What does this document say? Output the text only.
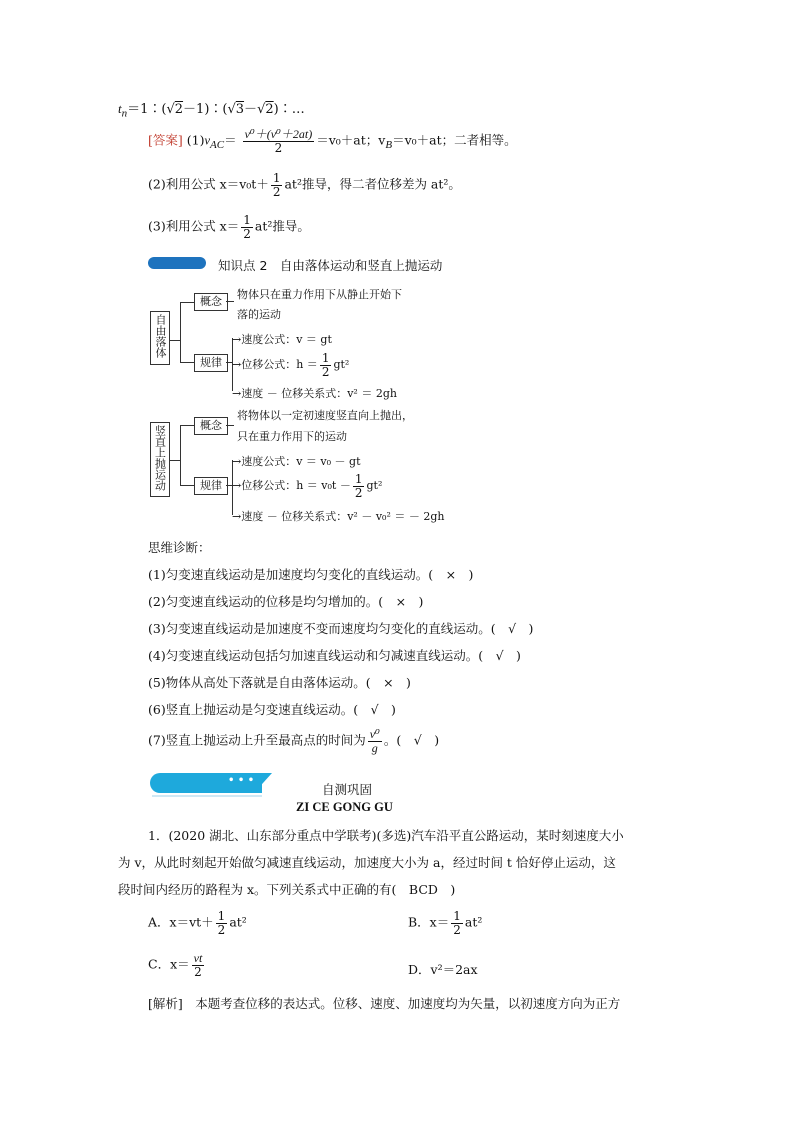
$t_n=1∶(√2-1)∶(√3-√2)∶\dots$
[答案] $(1)v_{AC}= \frac{\text{v⁰＋(v⁰＋2at)}}{2} =v_0+at$；$v_B=v_0+at$；二者相等。
(2)利用公式 $x=v_0t+ \frac{1}{2} at^2$推导，得二者位移差为 at²。
(3)利用公式 $x= \frac{1}{2} at^2$推导。
知识点 2　自由落体运动和竖直上抛运动
自由落体
概念
物体只在重力作用下从静止开始下
落的运动
规律
→速度公式：v ＝ gt
→位移公式：$h = \frac{1}{2} gt^2$
→速度 － 位移关系式：v² ＝ 2gh
竖直上抛运动	概念
将物体以一定初速度竖直向上抛出，
只在重力作用下的运动
规律
→速度公式：v ＝ v₀ － gt
→位移公式：$h = v_0t - \frac{1}{2} gt^2$
→速度 － 位移关系式：v² － v₀² ＝ － 2gh
思维诊断：
(1)匀变速直线运动是加速度均匀变化的直线运动。(　×　)
(2)匀变速直线运动的位移是均匀增加的。(　×　)
(3)匀变速直线运动是加速度不变而速度均匀变化的直线运动。(　√　)
(4)匀变速直线运动包括匀加速直线运动和匀减速直线运动。(　√　)
(5)物体从高处下落就是自由落体运动。(　×　)
(6)竖直上抛运动是匀变速直线运动。(　√　)
(7)竖直上抛运动上升至最高点的时间为 $\frac{\text{v⁰}}{g}$ 。(　√　)
• • •
自测巩固
ZI CE GONG GU
1．(2020 湖北、山东部分重点中学联考)(多选)汽车沿平直公路运动，某时刻速度大小
为 v，从此时刻起开始做匀减速直线运动，加速度大小为 a，经过时间 t 恰好停止运动，这
段时间内经历的路程为 x。下列关系式中正确的有(　BCD　)
A．$x=vt+ \frac{1}{2} at^2$	B．$x= \frac{1}{2} at^2$
C．$x= \frac{vt}{2}$	D．v²＝2ax
[解析]　本题考查位移的表达式。位移、速度、加速度均为矢量，以初速度方向为正方
